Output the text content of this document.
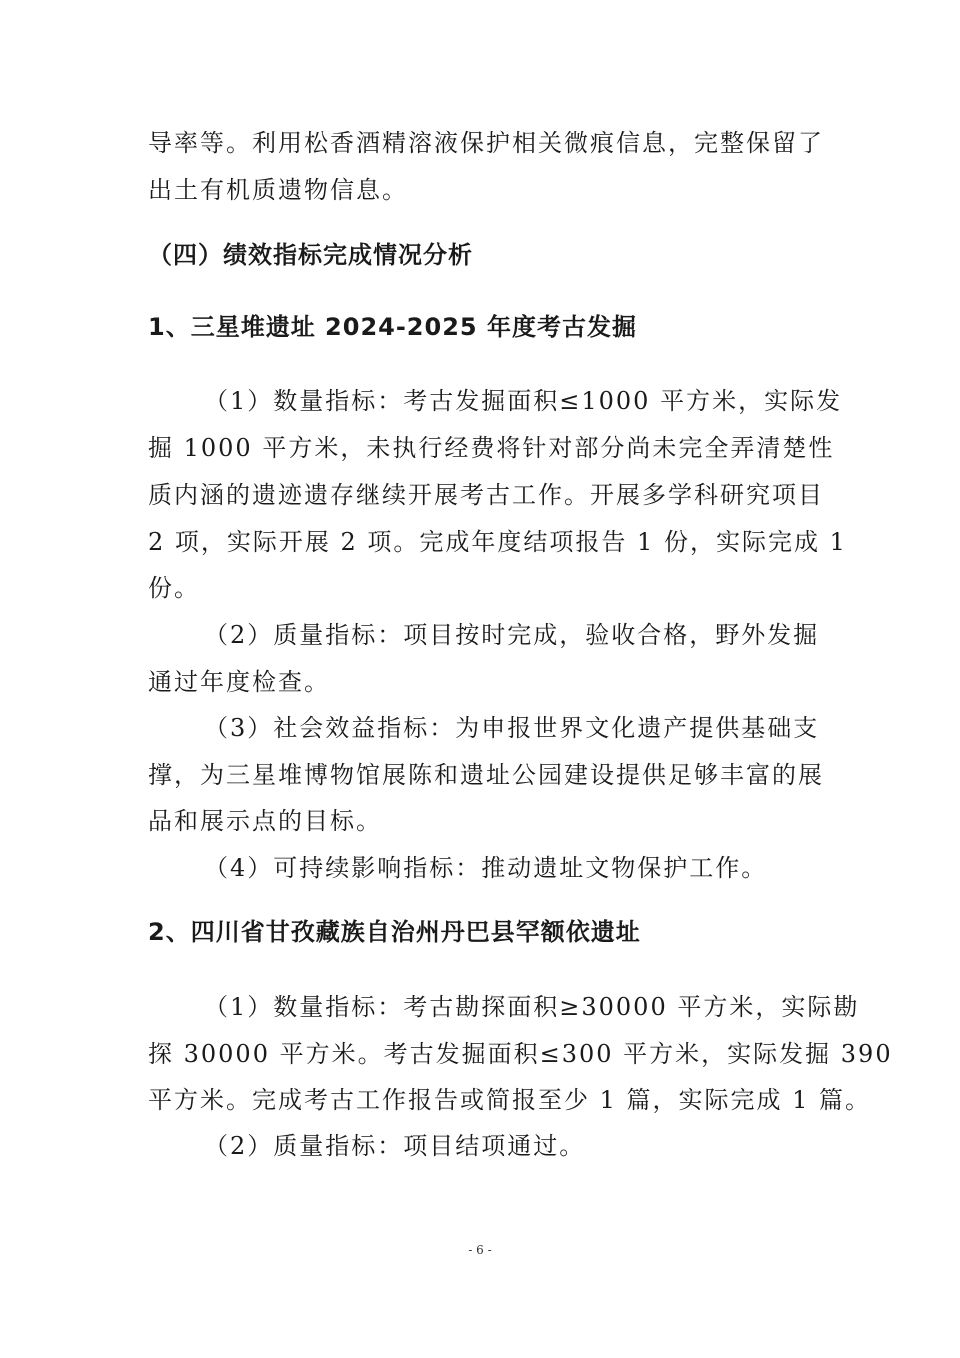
导率等。利用松香酒精溶液保护相关微痕信息，完整保留了
出土有机质遗物信息。
（四）绩效指标完成情况分析
1、三星堆遗址 2024-2025 年度考古发掘
（1）数量指标：考古发掘面积≤1000 平方米，实际发
掘 1000 平方米，未执行经费将针对部分尚未完全弄清楚性
质内涵的遗迹遗存继续开展考古工作。开展多学科研究项目
2 项，实际开展 2 项。完成年度结项报告 1 份，实际完成 1
份。
（2）质量指标：项目按时完成，验收合格，野外发掘
通过年度检查。
（3）社会效益指标：为申报世界文化遗产提供基础支
撑，为三星堆博物馆展陈和遗址公园建设提供足够丰富的展
品和展示点的目标。
（4）可持续影响指标：推动遗址文物保护工作。
2、四川省甘孜藏族自治州丹巴县罕额依遗址
（1）数量指标：考古勘探面积≥30000 平方米，实际勘
探 30000 平方米。考古发掘面积≤300 平方米，实际发掘 390
平方米。完成考古工作报告或简报至少 1 篇，实际完成 1 篇。
（2）质量指标：项目结项通过。
- 6 -
